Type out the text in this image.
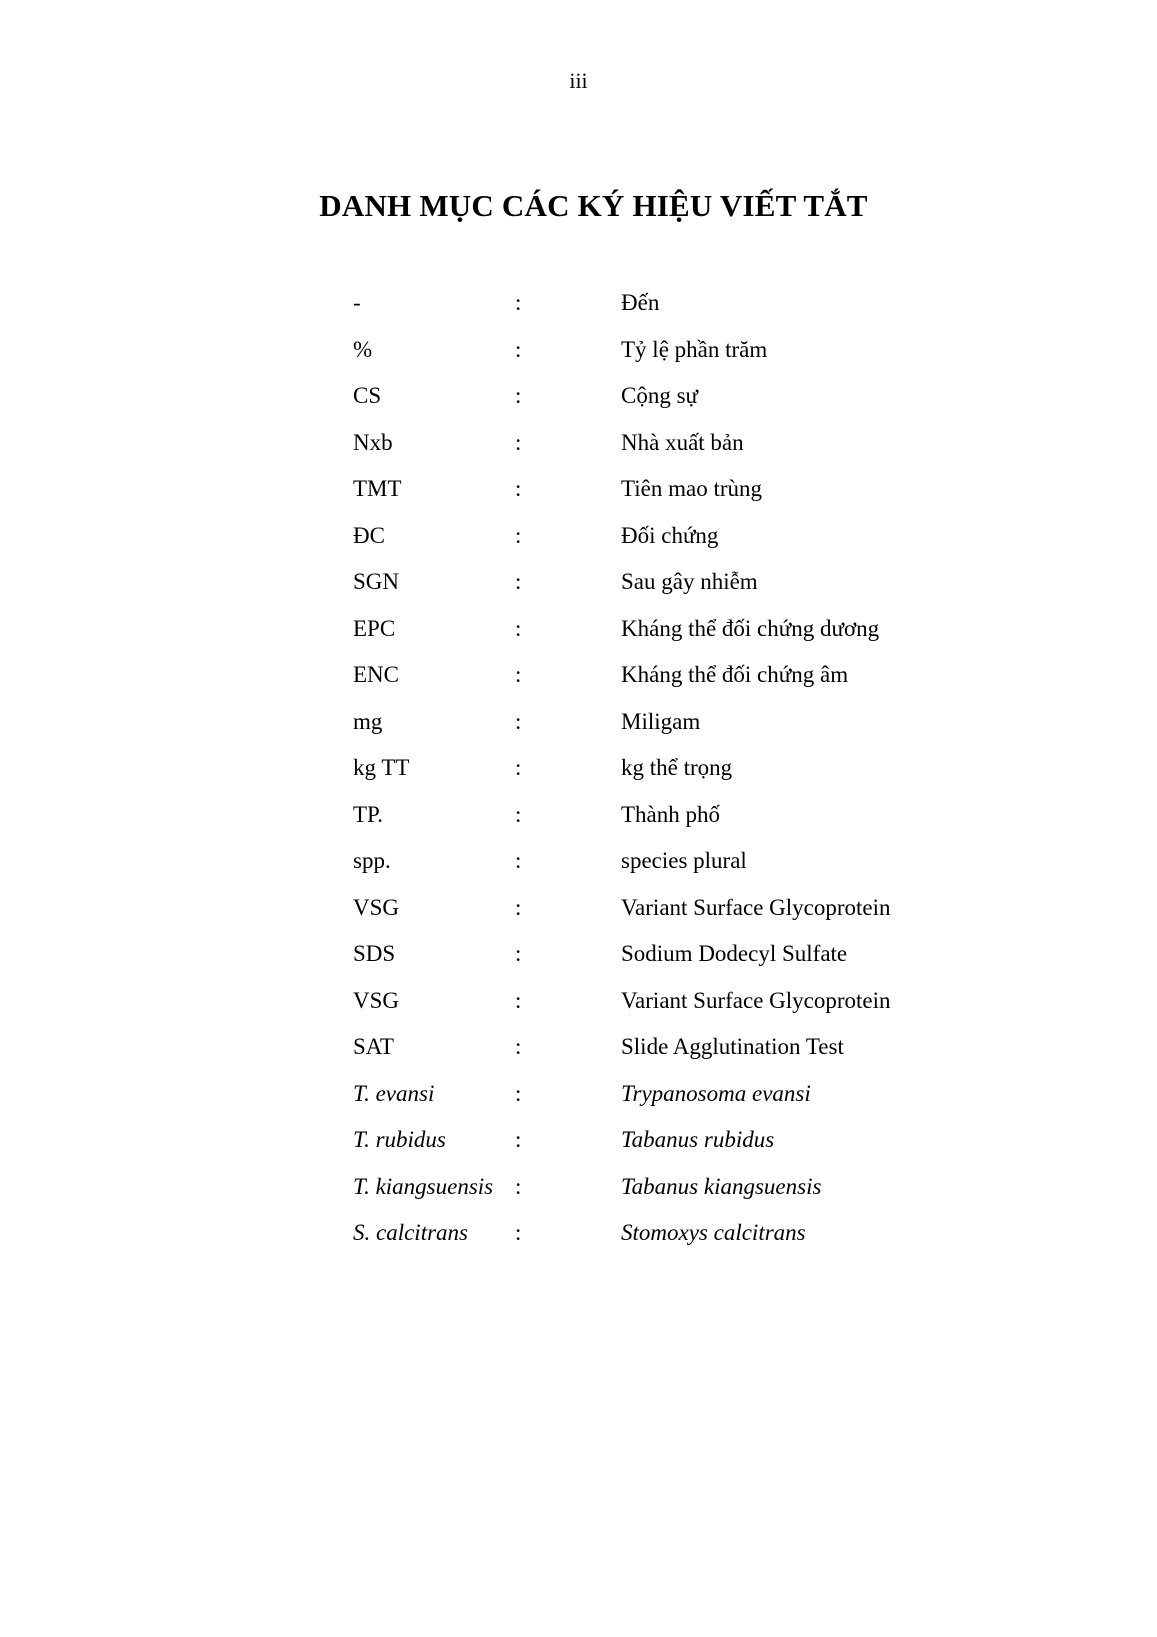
iii
DANH MỤC CÁC KÝ HIỆU VIẾT TẮT
-	:	Đến
%	:	Tỷ lệ phần trăm
CS	:	Cộng sự
Nxb	:	Nhà xuất bản
TMT	:	Tiên mao trùng
ĐC	:	Đối chứng
SGN	:	Sau gây nhiễm
EPC	:	Kháng thể đối chứng dương
ENC	:	Kháng thể đối chứng âm
mg	:	Miligam
kg TT	:	kg thể trọng
TP.	:	Thành phố
spp.	:	species plural
VSG	:	Variant Surface Glycoprotein
SDS	:	Sodium Dodecyl Sulfate
VSG	:	Variant Surface Glycoprotein
SAT	:	Slide Agglutination Test
T. evansi	:	Trypanosoma evansi
T. rubidus	:	Tabanus rubidus
T. kiangsuensis :	Tabanus kiangsuensis
S. calcitrans :	Stomoxys calcitrans
